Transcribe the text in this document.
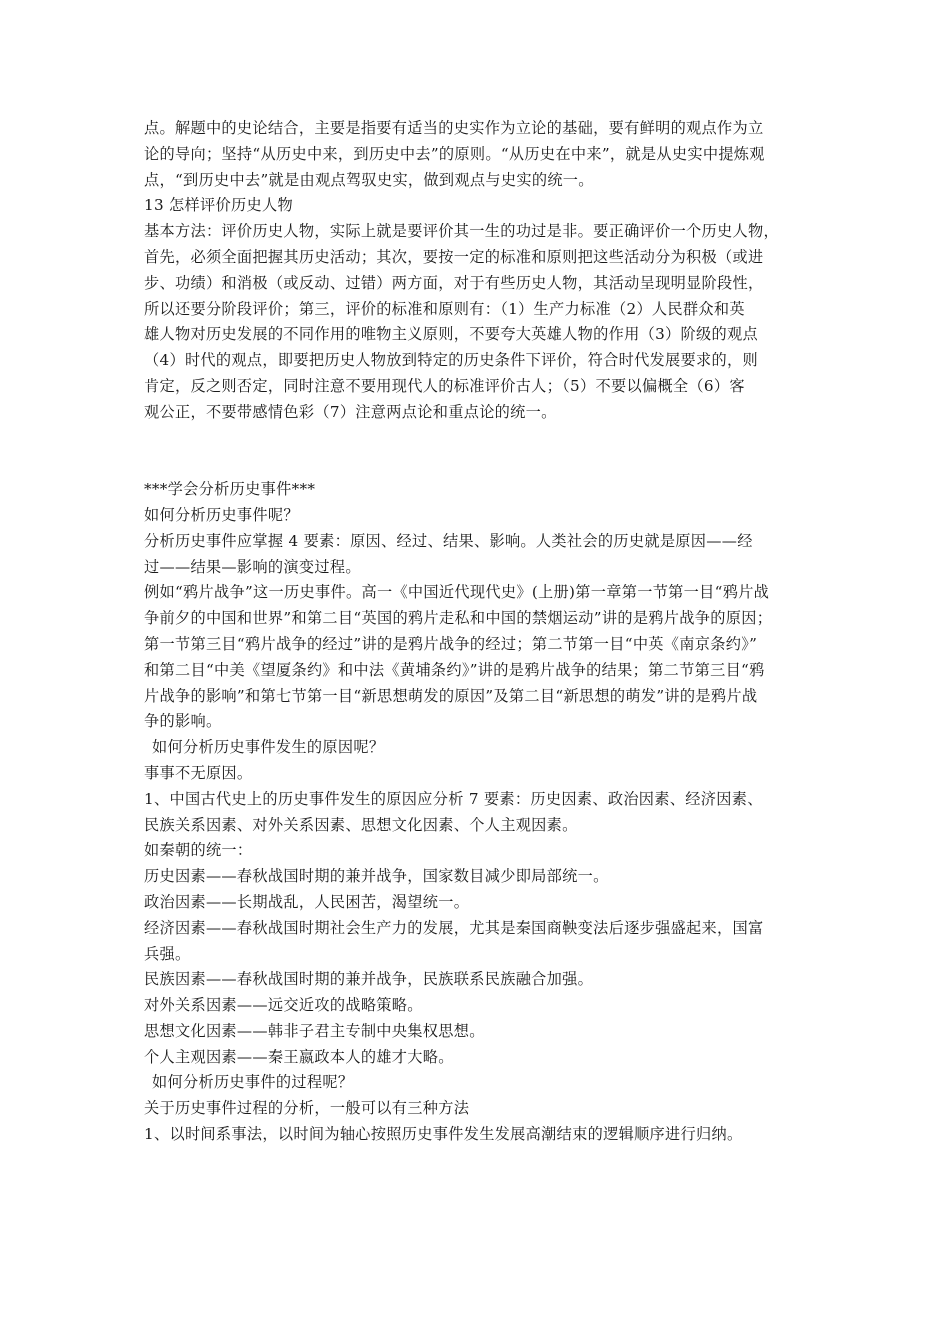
点。解题中的史论结合，主要是指要有适当的史实作为立论的基础，要有鲜明的观点作为立

论的导向；坚持“从历史中来，到历史中去”的原则。“从历史在中来”，就是从史实中提炼观

点，“到历史中去”就是由观点驾驭史实，做到观点与史实的统一。

13 怎样评价历史人物

基本方法：评价历史人物，实际上就是要评价其一生的功过是非。要正确评价一个历史人物，

首先，必须全面把握其历史活动；其次，要按一定的标准和原则把这些活动分为积极（或进

步、功绩）和消极（或反动、过错）两方面，对于有些历史人物，其活动呈现明显阶段性，

所以还要分阶段评价；第三，评价的标准和原则有：（1）生产力标准（2）人民群众和英

雄人物对历史发展的不同作用的唯物主义原则，不要夸大英雄人物的作用（3）阶级的观点

（4）时代的观点，即要把历史人物放到特定的历史条件下评价，符合时代发展要求的，则

肯定，反之则否定，同时注意不要用现代人的标准评价古人；（5）不要以偏概全（6）客

观公正，不要带感情色彩（7）注意两点论和重点论的统一。

***学会分析历史事件***

如何分析历史事件呢？

分析历史事件应掌握 4 要素：原因、经过、结果、影响。人类社会的历史就是原因——经

过——结果—影响的演变过程。

例如“鸦片战争”这一历史事件。高一《中国近代现代史》(上册)第一章第一节第一目“鸦片战

争前夕的中国和世界”和第二目“英国的鸦片走私和中国的禁烟运动”讲的是鸦片战争的原因；

第一节第三目“鸦片战争的经过”讲的是鸦片战争的经过；第二节第一目“中英《南京条约》”

和第二目“中美《望厦条约》和中法《黄埔条约》”讲的是鸦片战争的结果；第二节第三目“鸦

片战争的影响”和第七节第一目“新思想萌发的原因”及第二目“新思想的萌发”讲的是鸦片战

争的影响。

如何分析历史事件发生的原因呢？

事事不无原因。

1、中国古代史上的历史事件发生的原因应分析 7 要素：历史因素、政治因素、经济因素、

民族关系因素、对外关系因素、思想文化因素、个人主观因素。

如秦朝的统一：

历史因素——春秋战国时期的兼并战争，国家数目减少即局部统一。

政治因素——长期战乱，人民困苦，渴望统一。

经济因素——春秋战国时期社会生产力的发展，尤其是秦国商鞅变法后逐步强盛起来，国富

兵强。

民族因素——春秋战国时期的兼并战争，民族联系民族融合加强。

对外关系因素——远交近攻的战略策略。

思想文化因素——韩非子君主专制中央集权思想。

个人主观因素——秦王嬴政本人的雄才大略。

如何分析历史事件的过程呢？

关于历史事件过程的分析，一般可以有三种方法

1、以时间系事法，以时间为轴心按照历史事件发生发展高潮结束的逻辑顺序进行归纳。
